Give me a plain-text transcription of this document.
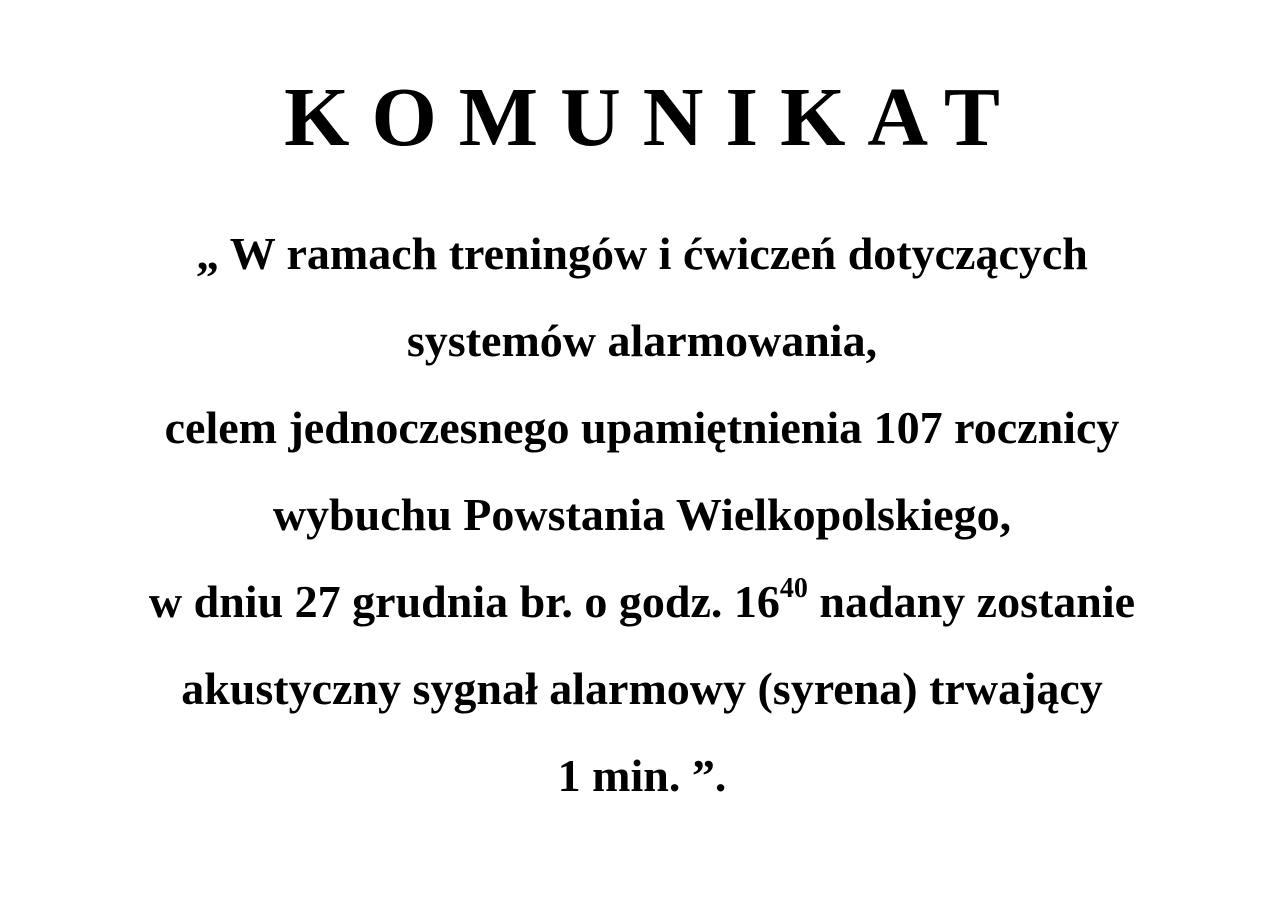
KOMUNIKAT
„ W ramach treningów i ćwiczeń dotyczących
systemów alarmowania,
celem jednoczesnego upamiętnienia 107 rocznicy
wybuchu Powstania Wielkopolskiego,
w dniu 27 grudnia br. o godz. $16^{40}$ nadany zostanie
akustyczny sygnał alarmowy (syrena) trwający
1 min. ”.
